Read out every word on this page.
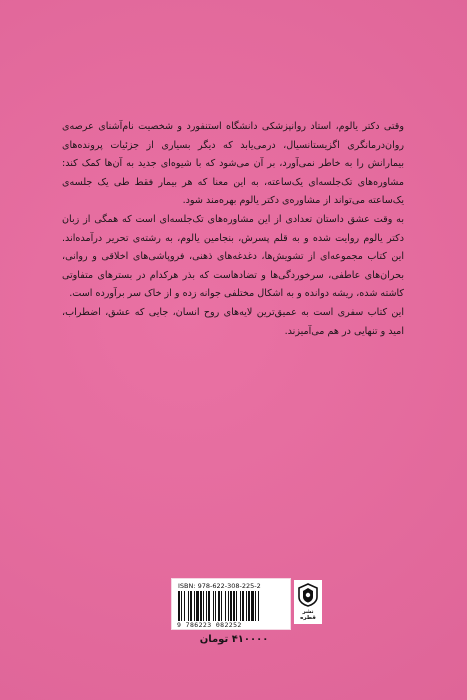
وقتی دکتر یالوم، استاد روانپزشکی دانشگاه استنفورد و شخصیت نام‌آشنای عرصه‌ی روان‌درمانگری اگزیستانسیال، درمی‌یابد که دیگر بسیاری از جزئیات پرونده‌های بیمارانش را به خاطر نمی‌آورد، بر آن می‌شود که با شیوه‌ای جدید به آن‌ها کمک کند: مشاوره‌های تک‌جلسه‌ای یک‌ساعته، به این معنا که هر بیمار فقط طی یک جلسه‌ی یک‌ساعته می‌تواند از مشاوره‌ی دکتر یالوم بهره‌مند شود.

به وقت عشق داستان تعدادی از این مشاوره‌های تک‌جلسه‌ای است که همگی از زبان دکتر یالوم روایت شده و به قلم پسرش، بنجامین یالوم، به رشته‌ی تحریر درآمده‌اند. این کتاب مجموعه‌ای از تشویش‌ها، دغدغه‌های ذهنی، فروپاشی‌های اخلاقی و روانی، بحران‌های عاطفی، سرخوردگی‌ها و تضادهاست که بذر هرکدام در بسترهای متفاوتی کاشته شده، ریشه دوانده و به اشکال مختلفی جوانه زده و از خاک سر برآورده است.

این کتاب سفری است به عمیق‌ترین لایه‌های روح انسان، جایی که عشق، اضطراب، امید و تنهایی در هم می‌آمیزند.

ISBN: 978-622-308-225-2
9 786223 082252
نشر قطره
۴۱۰۰۰۰ تومان
